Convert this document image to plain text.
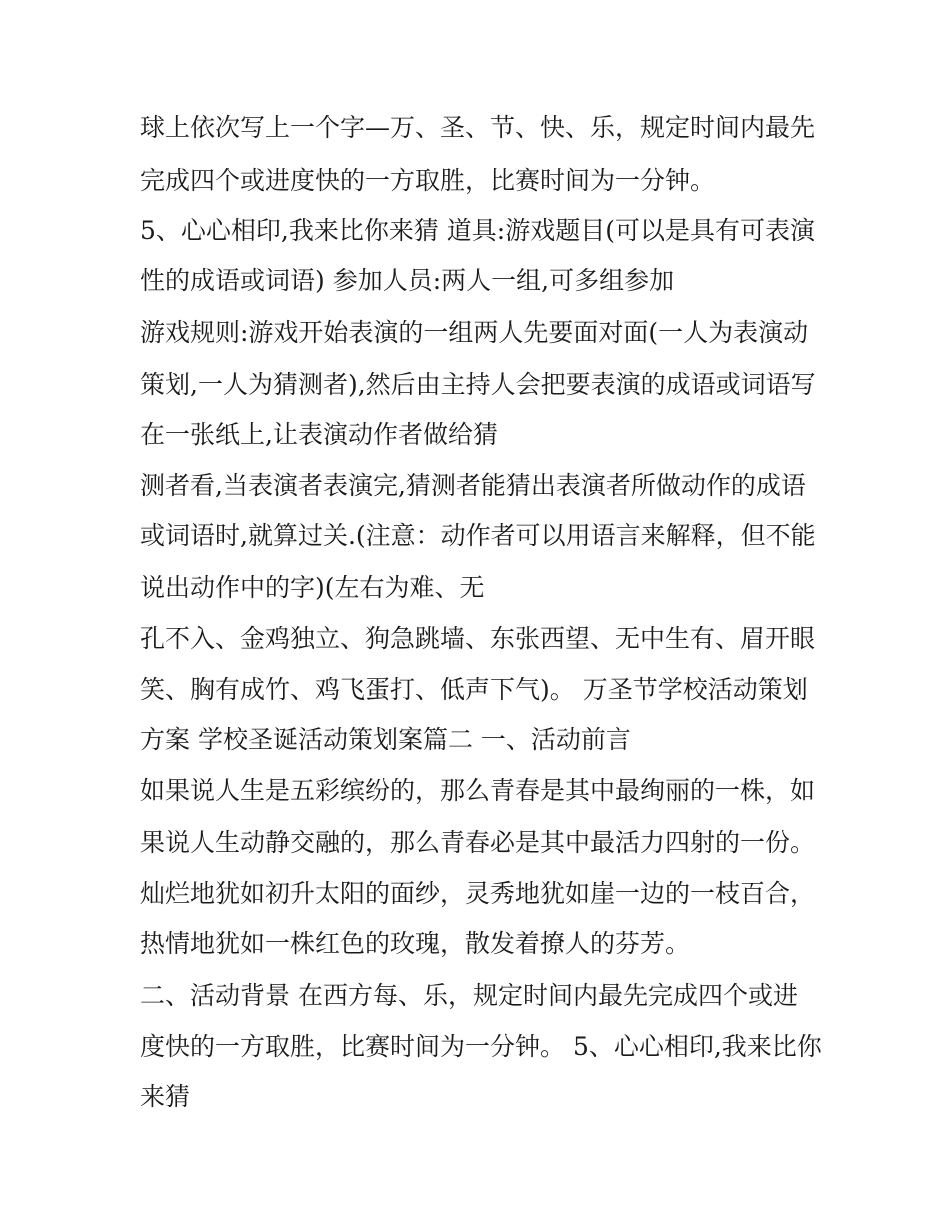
球上依次写上一个字—万、圣、节、快、乐，规定时间内最先
完成四个或进度快的一方取胜，比赛时间为一分钟。
5、心心相印,我来比你来猜 道具:游戏题目(可以是具有可表演
性的成语或词语) 参加人员:两人一组,可多组参加
游戏规则:游戏开始表演的一组两人先要面对面(一人为表演动
策划,一人为猜测者),然后由主持人会把要表演的成语或词语写
在一张纸上,让表演动作者做给猜
测者看,当表演者表演完,猜测者能猜出表演者所做动作的成语
或词语时,就算过关.(注意：动作者可以用语言来解释，但不能
说出动作中的字)(左右为难、无
孔不入、金鸡独立、狗急跳墙、东张西望、无中生有、眉开眼
笑、胸有成竹、鸡飞蛋打、低声下气)。 万圣节学校活动策划
方案 学校圣诞活动策划案篇二 一、活动前言
如果说人生是五彩缤纷的，那么青春是其中最绚丽的一株，如
果说人生动静交融的，那么青春必是其中最活力四射的一份。
灿烂地犹如初升太阳的面纱，灵秀地犹如崖一边的一枝百合，
热情地犹如一株红色的玫瑰，散发着撩人的芬芳。
二、活动背景 在西方每、乐，规定时间内最先完成四个或进
度快的一方取胜，比赛时间为一分钟。 5、心心相印,我来比你
来猜
